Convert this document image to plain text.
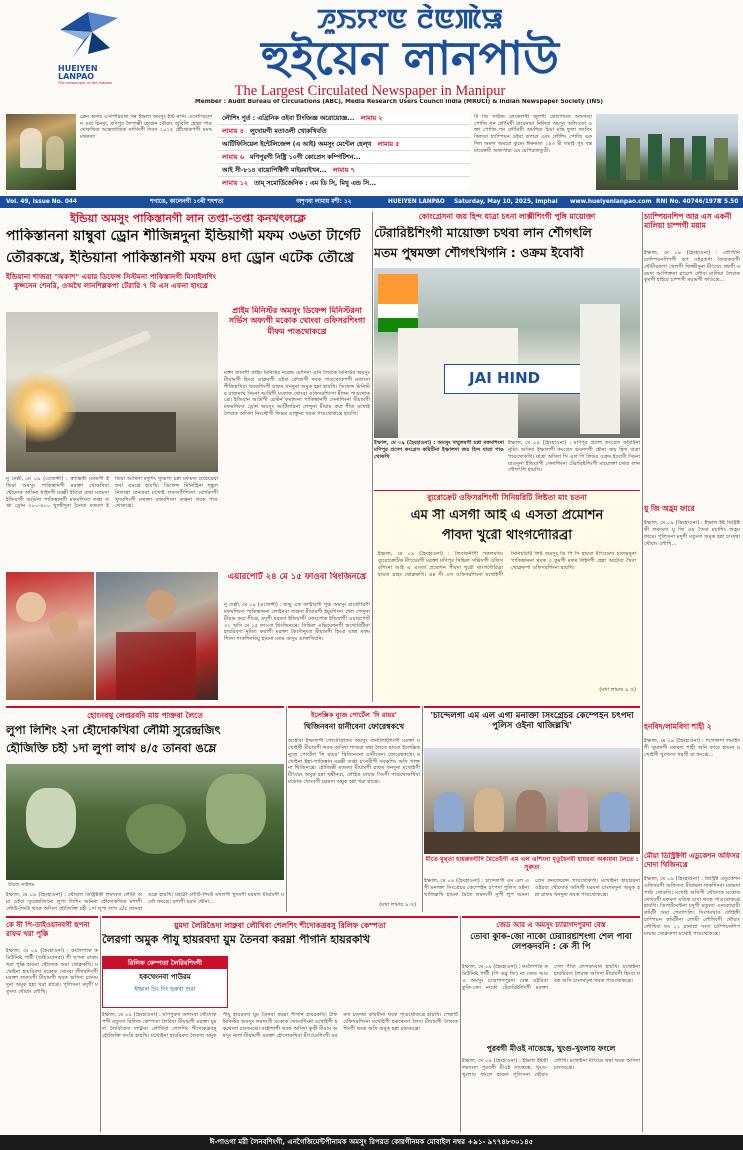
HUEIYEN LANPAO
The messenger of the masses
ꯍꯨꯏꯌꯦꯟ ꯂꯥꯟꯄꯥꯎ
হুইয়েন লানপাউ
The Largest Circulated Newspaper in Manipur
Member : Audit Bureau of Circulations (ABC), Media Research Users Council India (MRUCI) & Indian Newspaper Society (INS)
ক্লেন অন্দর এসপিরিয়াল খৰ ইম্ফাল অমসুং ইস্ট নর্সিং এসোসিয়েশন ওয়া চিনবা, মণিপুর লৈপাক্কী হোরান থৌরাং জুবিলি হোন্না পাঙথোকখিবা আন্তৰ্জাতিক নার্সিংগী দিবস ২০২৫ হৌঁথোকপগী মমাং মথকতা
লৌশিং পুৰ্ত : এগ্রিনিক ওইবা চীংজিজ্ঞ অরোয়োজ্ঞ... লামায় ২
লামায় ৪ লুদোয়গী মতাওলী খোকখিবতি
আর্টিফিসিয়েল ইন্টেলিজেন্স (এ আই) অমসুং মেন্টেল হেল্থ লামায় ৫
লামায় ৬ মণিপুরগী নিষ্ট্রি ১০গী কোপ্রেস কম্পিটিশন...
আই সী-৮১৪ বায়োপিক্টিগী মাইরমাইখৰ... লামায় ৭
লামায় ১২ তাম্ সমোর্ডিজেনিক : এম ডি সি, মিথু এন্ড সি...
টি জি সাউন্ড লেকেলগী জুলগী কোপোয়ত অফসাবা পোজি পন লৌমিখী রায়েনামা নিলিবা অমসুং অলিওডা ওক্তা পোজি পন লৌমিখী অমশিয়া চিয়া মন্ত্রি ফুলা জাতিং কিলডা চ্যাম্পিয়ন ওইবা কপারা এবং লৌশিং পোজি ঙকদিল অমদা অমরো কুমেং ঈৰনমত ১৪৩ মী লমাই পুম বন্ত মারেৰুমী অফাপারা এম মেপিরালতুঙী।
Vol. 49, Issue No. 044	শগাঙে, কালেনগী ১৩ৰী শৎশত্য	অশৃণবা লামায় মশী: ১২	HUEIYEN LANPAO Saturday, May 10, 2025, Imphal www.hueiyenlanpao.com RNI No. 40746/1978
₹ 5.50
ইন্ডিয়া অমসুং পাকিস্তানগী লান তপ্তা-তপ্তা কনখৎলক্লে
পাকিস্তাননা য়াম্বুবা ড্রোন শীজিন্নদুনা ইন্ডিয়াগী মফম ৩৬তা টার্গেট
তৌরকখ্রে, ইন্ডিয়ানা পাকিস্তানগী মফম ৪দা ড্রোন এটেক তৌখ্রে
ইন্ডিয়ানা শাজরা "অকাশ" এয়ার ডিফেন্স সিস্টমনা পাকিস্তানগী মিসাইলশিং কুপ্সনেন শেনরি, ওঅখৈ লানশিল্লকপা টেরারি ৭ বি এস এফনা হাংখ্রে
প্রাইম মিনিস্টর অমসুং ডিফেন্স মিনিস্টরনা সর্ভিস অফ্যগী মকোক থোংবা ওফিসরশিংগা মীফম পাঙথোকখ্রে
মক্তা জানগী প্রাইম মিনিস্টর নরেন্দ্র মোদিনা এনি লৈবাক মিনিস্টর অমসুং মীয়ামগী হিংবা ঙাক্লবগী ওইবা ফৌজগী থবক পাঙথোকপগী মতাংদা শীজিন্নখিবা থবকশিংগী ৱাফম খনদুনা অমুক হন্না হায়খি। ডিফেন্স মিনিস্টর রাজনাথ সিংনা আর্মিগী মকোক থোংবা ওফিসরশিংগা মীফম পাঙথোকখ্রে। ইন্ডিয়ান আর্মিগী ৱেস্টর্ন কমান্ডনা পাকিস্তানগী সেনাশিংনা মীয়ামগী মফমশিংদা ড্রোন অমসুং আর্টিলরিনা শেন্দুনা মীয়াম কয়া শীবা মখোই লৈবাক অসিদা নিংথৌগী ফিভম ঙাক্তুনা থবক পাঙথোকখ্রে হায়খি।
নু দেল্লী, মে ০৯ (এজেন্সী) : ক্রান্তিকী মতমগী ইন্ডিয়া অমসুং পাকিস্তানগী মরক্তা থোকখিবা থৌদোক অসিনা খ্বাইদগী মরক্কী ইতিবা য়াম্বা মতমদা ইন্ডিয়াগী আর্মিনা পাকিস্তানগী মফমশিংদা তপ্তা তপ্তা ড্রোন ৩০০-৪০০ খুদম্বীদুনা চৈনবা মতমদা ইন্ডিয়া আর্মিনা মদুশিং খুদমগা চপ্পা মফমদা শুরেংদ্রবা ফবা ঙমখ্রে হায়খি। ডিফেন্স মিনিস্ট্রিনা শৃঙ্কুল নিলাপ্পা য়ানতবা মখোই লমদংগীশিংদা বোর্দরদগী খুদমশিংগী মথক্তা মফমশিংদা তপ্তনা থবক পাঙথোকখ্রে।
এয়ারপোর্ট ২৪ মে ১৫ ফাওবা থিংজিনখ্রে
নু দেল্লী, মে ০৯ (এজেন্সী) : জন্মু এন্ড কাশ্মীরগী পুঞ্চ অমসুং রাজৌরিগী মফমশিংদা পাকিস্তাননা লোইনবা তপ্তনা মীয়ামগী ইমুংশিংদা শেল শেন্দুনা মীয়াম কয়া শীখ্রে, মদুগী মরমদা ইন্ডিয়াগী নোংপোক ইন্ডিয়াগী এয়ারপোর্ট ৩২ অসি মে ১৫ ফাওবা থিংজিনখ্রে। সিভিল এভিয়েশনগী অথোরিটীনা হায়রিবদা নুমিত কয়াগী মরক্তা কৈদৌনুংবা মীয়ামগী হিংবা য়াম্বা মফমশিংদা শাকশিনবিয়ু হায়না মতম অসুম ঙাক্তখিবনি।
কোংগ্রেসনা জয় হিন্দ যাত্রা চৎনা লাক্সীশিংগী পুঙ্গি মায়োক্তা
টেরারিষ্টশিংগী মায়োক্তা চথবা লান শৌগৎলি
মতম পুম্বমক্তা শৌগৎখিগনি : ওক্রম ইবোবী
JAI HIND
ইম্ফাল, মে ০৯ (হৈংহাওনা) : অমসুং খম্মুলমগী চপ্পা মফমশিংদা মণিপুর প্রদেশ কংগ্রেস কমিটিনা ইম্ফালদা জয় হিন্দ যাত্রা পাঙথোকখি
ইম্ফাল, মে ০৯ (হৈংহাওনা) : মণিপুর প্রদেশ কংগ্রেস কমিটিনা নুমিৎ অসিদা ইম্ফালগী কংগ্রেস ভবনদগী হৌনা জয় হিন্দ যাত্রা পাঙথোকখি। যাত্রা অসিদা সি এল পি লিডর ওক্রম ইবোবী সিংনা য়াওদুনা ইন্ডিয়াগী সেনাশিংনা টেরারিষ্টশিংগী মায়োক্তা চথবা লান শৌগৎলি হায়খি।
ব্যুরোক্রেট ওফিসরশিংগী সিনিয়রিটি লিষ্টতা মাং চতনা
এম সী এসগী আই এ এসতা প্রমোশন
পীবদা খুরৌ থাংগদৌরিব্রা
ইম্ফাল, মে ০৯ (হৈংহাওনা) : লৈবাকনীগী শকলমখয় ব্যুরোক্রেটিক মীৎয়েংগী মরক্তা মণিপুর সিভিল সর্ভিসগী ওফিসরশিংনা আই এ এসতা প্রমোশন পীবদা খুরৌ থাংগদৌরিব্রা হায়বা ৱাহং থোক্লকখি। এম সী এস ওফিসরশিংনা মখোইগী সিনিয়রিটি লিষ্ট অমসুং ডি পি সি হায়বা মীৎয়েংদা চাংদমদুনা পাকিস্তাননা থবক ৩ কুমগী মফম খ্বাইদগী হেন্না অচৌবা খৈবা থোক্লকপা ওফিসরশিংনা হায়খি।
(মখা লামায় ৯ ও)
চ্যাম্পিয়নশিপ আর এস একনী মালিয়া চাম্পগী ময়াম
ইম্ফাল, মে ০৯ (হৈংহাওনা) : তৌখিনি চ্যাম্পিয়নশিপগী কপ ওইরকপা লৈবাকতগী থৌমীরকপা খেলগী ফিজ্জীদুনা মীৎয়েং থম্বগী মরমদা আপিক্তনা ৱারেপ লৌবা মালিয়া লৈবাক কুমগী হাইরে চাম্পগী ময়ামগী ফাওখ্রে...
যু জি অহ্রম ফারে
ইম্ফাল, মে ০৯ (হৈংহাওনা) : ইম্ফাল ইষ্ট ডিষ্ট্রিক্টকী লমদংদা যু জি এম তৈবা মচাশিং অহ্রম ফারে। পুলিসনা মদুগী মতুংদা অমুক হন্না চাংদম্বা থৌরাং লৌখি...
হনবিদ/লামবিদা শাহী ২
ইম্ফাল, মে ০৯ (হৈংহাওনা) : শগোলশা লমাইদগী খুমানগী মফমদা শাহী অনি ফারে হায়না মখোইগী খুংগংদা খরগী ৱা ফংখ্রে...
মৌয়া ডিস্ট্রিক্টগী এডুকেশন অফিসর দোদা থিজিনখ্রে
ইম্ফাল, মে ০৯ (হৈংহাওনা) : ডিস্ট্রিক্ট এডুকেশন ওফিসরগী অফিসদা মীয়ামনা শাকশিনবা মতমদা পাউ থোকখি। মখোই অসিগী থৌদোক মকোক থোংবগী মফমদা মতিক চাবা থবক পাঙথোকখ্রে হায়খি। ডিপার্টমেন্টনা মদুগী মতুংদা এনকোয়ারী কমিটী অমা শেমগৎলি। সিংগমখাঙ লৌইঙ্গী চাম্পিয়ন কমিটীনা লোমী লৌশিংগী থৌরাং লৌখিবা তং ১১ ৱানাপ্লা সংদা চাম্পিয়নশিপ মায়াম থোক্লকপা মখোই পাঙথোকখ্রে।
হোংনবথু লেপ্তরবদি মায় পাক্তবা লৈতে
লুপা লিশিং ২না হৌদোকখিবা লৌমী সুরেন্দ্রজিৎ
হৌজিক্তি চহী ১দা লুপা লাখ ৪/৫ তানবা ঙম্লে
বীয়জ নাইঙ্গম
ইম্ফাল, মে ০৯ (হৈংহাওনা) : থৌবাল ডিষ্ট্রিক্টকী লমদংদা লৌমী অমা ওইবা সুরেন্দ্রজিৎনা লুপা লিশিং অনিনা হৌদোকখিবা মশাগী লৌউ-শিংউ থবক অসিদা হৌজিক্তি চহী ১দা লুপা লাখ ৪/৫ তানবা ঙম্লে হায়খি। মহাক্না লৌউ-শিংউ মখলগী খুদমগী মরমদা মীয়ামগী মতৌ ফংখ্রে। মশাগী মরাং থৌনা...
ইলেক্সিক ন্যুজ পোর্টেল 'দি রায়র'
থিজিনবনা য়ানীবেনা ফোরেম্বকখে
অহৌবা ইম্ফালগী ফোটোগ্রাফর অমসুং জর্নালিষ্টশিংগী মরক্তা মখোইগী মীয়ামগী থবক অসিদা শাজরা থম্বা লৈতে হায়বা ইলেক্সিক ন্যুজ পোর্টেল 'দি রায়র' থিজিনবনা য়ানীবেনা ফোরেম্বকখে। মখোইনা ইঙ্কা-পাকিস্তান মরক্কী তপ্তা চৎনবীগী থবকশিং অসি পাক্তনা থিজিনখ্রে। হৌজিক্কী মতমদা মীয়ামগী ৱাফম খনদুনা মখোইগী মীৎয়েং অমুক হন্না থম্বীনবা, লৌইঙ মায়াম সিংগী পাঙথোকখিবা মকোক থোংবগী মরমদা অমুক হন্না খরা ৱাখ্রে।
(মখা লামায় ৯ ও)
'চান্দেলগী এম এল এগী মনাক্তা সিংগ্রেচর কেম্পেইন চৎপদা পুলিস ওইনা থাজিল্লখি'
মীতে মুথ্তা হায়রুবগীদি মৈতেইগী এম এল এশিংনা মৃতুহৈনবী হায়রবা অকায়বা লৈতে : সুরুতা
ইম্ফাল, মে ০৯ (হৈংহাওনা) : চান্দেলগী এম এল এগী মনাক্তা সিংগ্রেচর কেম্পেইন চৎপদা পুলিস ওইনা থাজিল্লখি হায়না মৈতৈ লমদংগী নুপী লুপ অমনা প্রেস কনফেরেন্স পাঙথোকখি। মখোইনা হায়রিবদা ওইরবা থৌদোক অসিগী মরমদা চাংদমদুনা অমুক হন্না ৱাফম খনদুনা থবক পাঙথোকখ্রে।
কে সী পি-তাইওয়ানবগী ছপনা রাফম খরা পুক্কি
ইম্ফাল, মে ০৯ (হৈংহাওনা) : কংলৈপাক কমিউনিষ্ট পার্টী (তাইওয়ানবা) গী ছপনা রাফম খরা পুক্কি হায়না থৌদোক অমা থোক্লকখি। মখোইনা হায়রিবদা মকোক থোংবা লীদরশিংগী মরক্তা লমদংগী মীয়ামগী থবক অসিদা চাংদমদুনা অমুক হন্না খরা ৱাখ্রে। পুলিসনা মদুগী মতুংদা থৌরাং লৌখি।
য়ুমদা লৈরিঙৈদা লাক্নবা লৌখিবা শেলশিং শীদোকখ্রবসু রিলিফ কেম্পতা
লৈরগা অমুক পীযু হায়রবদা য়ুম তৈনবা করম্না পীগনি হায়রকখি
রিলিফ কেম্পতা লৈরিবশিংগী
হকথেংনবা পাউরম
ইম্ফাল চিং দিং হুরুবা শুরা
ইম্ফাল, মে ০৯ (হৈংহাওনা) : মণিপুরদা অশাংবা থৌদোকপগী মতুংদা রিলিফ কেম্পতা লৈরিবা মীয়ামগী মরক্তা য়ুমদা লৈরিঙৈদা লাক্নবা লৌখিবা শেলশিং শীদোকখ্রবসু হৌজিক্তি ফংদ্রি হায়খি। মখোইনা হায়রিবদা লৈরগা অমুক পীযু হায়রবদা য়ুম তৈনবা করম্না পীগনি হায়রকখি। চীফ মিনিস্টর অমসুং লমদংগী মকোক থোংবশিংনা মখোইগী হকথেংদা চাংদমখ্রে। মহৌশাগী থবক অসিদা কুকী মীয়াম অমসুং নাগা মীয়ামগী মরক্তা হৌদোকখিবা মীৎয়েংশিংগী মরমদা চাংদম্বা কমিটীনা থবক পাঙথোকখ্রে হায়খি। পেম্বার্টি ওফিসরশিংনা মখোইগী হকথেংদা লৈবা মীয়ামগী লৈবাকশিংগী থবক অসি অমুক হন্না চাংদমখ্রে।
জেড আর এ অমসুং চ্যারাগদপুরদা বেস্ত
তৌবা কুকি-জো নার্কো টেরারিষ্টশিংগী শেল পীবা লেপকদবনি : কে সী পি
ইম্ফাল, মে ০৯ (হৈংহাওনা) : কংলৈপাক কমিউনিষ্ট পার্টী (পি ডব্লু জি) না জেড আর এ অমসুং চ্যারাগদপুরদা বেস্ত ওইরিবা কুকি-জো নার্কো টেরারিষ্টশিংগী মরক্তা শেল পীবা লেপকদবনি হায়খি। মখোইনা হায়রিবদা লৈবাক অসিদা মীয়ামগী হিংবা থবক অসি চাংদমদুনা থবক পাঙথোকখ্রে।
পুরবগী মীওই নাত্তেস্তে, খুংগু-খুংলায় ফংলে
ইম্ফাল, মে ০৯ (হৈংহাওনা) : ইম্ফাল ইষ্টকী লমদংদা পুরবগী মীওই নাত্তেস্তে, খুংগু-খুংলায় ফংলে হায়না পুলিসনা থৌরাং লৌখি। মখোইনা মীৎয়েং থম্বা থবক অসিদা চাংদমখ্রে।
ঈ-পাওগা মরী লৈনবশিংগী, এনগৈজিমেন্টপীনামক অমসুং রিপরত কোরগীনমক মোবাইল নম্বর +৯১- ৯৭৭৪৮৩০১৪৫
